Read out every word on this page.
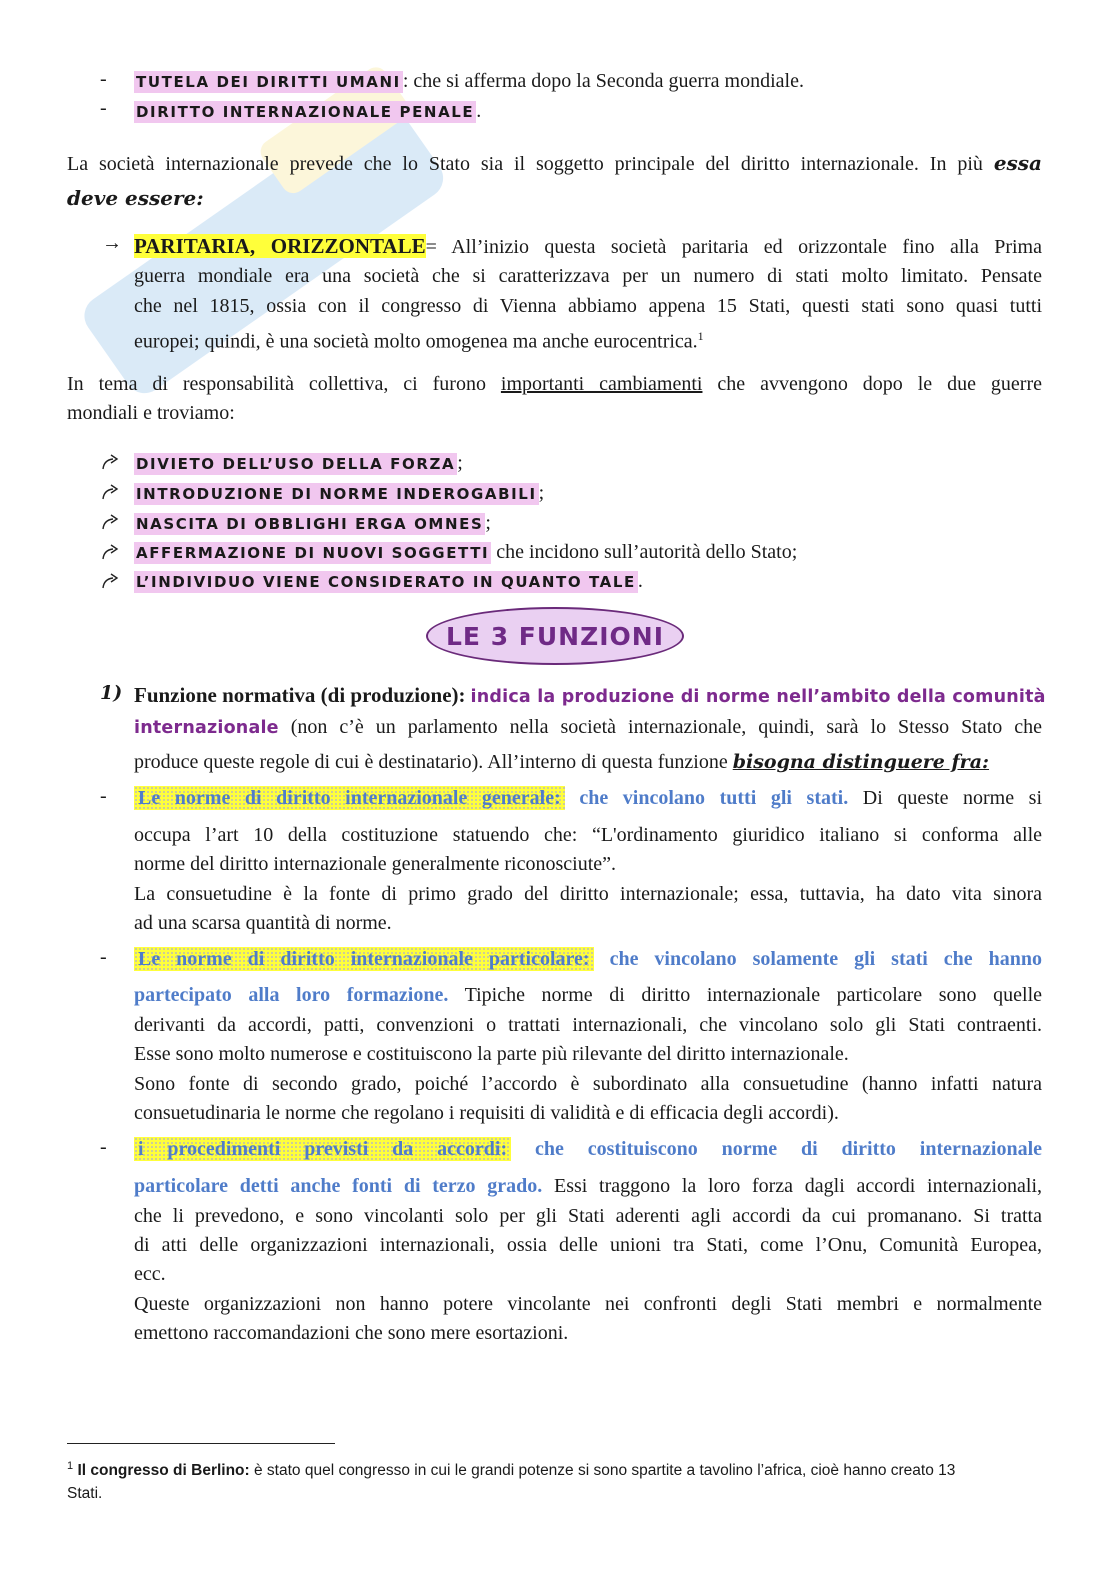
- TUTELA DEI DIRITTI UMANI : che si afferma dopo la Seconda guerra mondiale.
- DIRITTO INTERNAZIONALE PENALE .
La società internazionale prevede che lo Stato sia il soggetto principale del diritto internazionale. In più essa
deve essere:
→ PARITARIA, ORIZZONTALE= All’inizio questa società paritaria ed orizzontale fino alla Prima
guerra mondiale era una società che si caratterizzava per un numero di stati molto limitato. Pensate
che nel 1815, ossia con il congresso di Vienna abbiamo appena 15 Stati, questi stati sono quasi tutti
europei; quindi, è una società molto omogenea ma anche eurocentrica.$^1$
In tema di responsabilità collettiva, ci furono importanti cambiamenti che avvengono dopo le due guerre
mondiali e troviamo:
DIVIETO DELL’USO DELLA FORZA ;
INTRODUZIONE DI NORME INDEROGABILI ;
NASCITA DI OBBLIGHI ERGA OMNES ;
AFFERMAZIONE DI NUOVI SOGGETTI che incidono sull’autorità dello Stato;
L’INDIVIDUO VIENE CONSIDERATO IN QUANTO TALE .
LE 3 FUNZIONI
1) Funzione normativa (di produzione): indica la produzione di norme nell’ambito della comunità
internazionale (non c’è un parlamento nella società internazionale, quindi, sarà lo Stesso Stato che
produce queste regole di cui è destinatario). All’interno di questa funzione bisogna distinguere fra:
- Le norme di diritto internazionale generale: che vincolano tutti gli stati. Di queste norme si
occupa l’art 10 della costituzione statuendo che: “L'ordinamento giuridico italiano si conforma alle
norme del diritto internazionale generalmente riconosciute”.
La consuetudine è la fonte di primo grado del diritto internazionale; essa, tuttavia, ha dato vita sinora
ad una scarsa quantità di norme.
- Le norme di diritto internazionale particolare: che vincolano solamente gli stati che hanno
partecipato alla loro formazione. Tipiche norme di diritto internazionale particolare sono quelle
derivanti da accordi, patti, convenzioni o trattati internazionali, che vincolano solo gli Stati contraenti.
Esse sono molto numerose e costituiscono la parte più rilevante del diritto internazionale.
Sono fonte di secondo grado, poiché l’accordo è subordinato alla consuetudine (hanno infatti natura
consuetudinaria le norme che regolano i requisiti di validità e di efficacia degli accordi).
- i procedimenti previsti da accordi: che costituiscono norme di diritto internazionale
particolare detti anche fonti di terzo grado. Essi traggono la loro forza dagli accordi internazionali,
che li prevedono, e sono vincolanti solo per gli Stati aderenti agli accordi da cui promanano. Si tratta
di atti delle organizzazioni internazionali, ossia delle unioni tra Stati, come l’Onu, Comunità Europea,
ecc.
Queste organizzazioni non hanno potere vincolante nei confronti degli Stati membri e normalmente
emettono raccomandazioni che sono mere esortazioni.
$^1$ Il congresso di Berlino: è stato quel congresso in cui le grandi potenze si sono spartite a tavolino l’africa, cioè hanno creato 13
Stati.
